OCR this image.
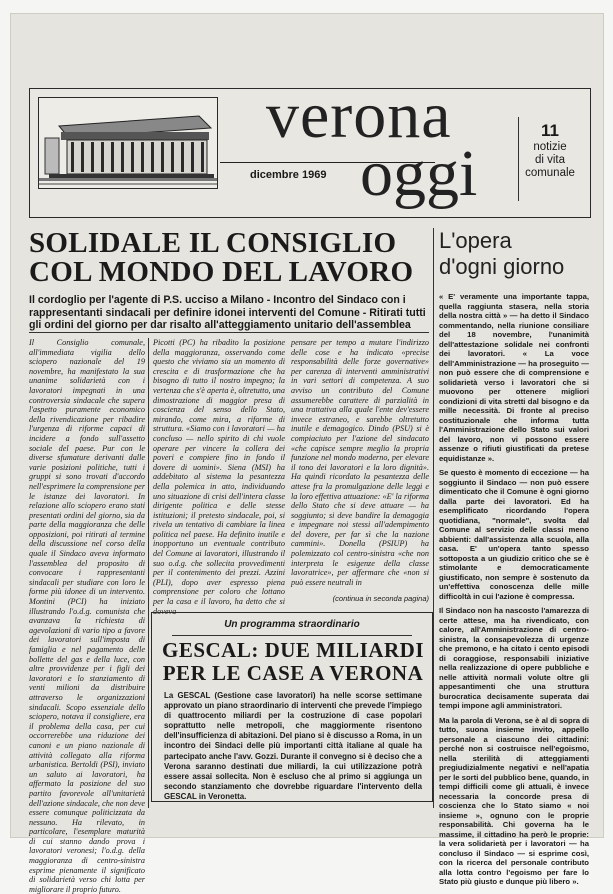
verona
dicembre 1969 oggi
11
notizie
di vita
comunale
SOLIDALE IL CONSIGLIO
COL MONDO DEL LAVORO
Il cordoglio per l'agente di P.S. ucciso a Milano - Incontro del Sindaco con i rappresentanti sindacali per definire idonei interventi del Comune - Ritirati tutti gli ordini del giorno per dar risalto all'atteggiamento unitario dell'assemblea
Il Consiglio comunale, all'immediata vigilia dello sciopero nazionale del 19 novembre, ha manifestato la sua unanime solidarietà con i lavoratori impegnati in una controversia sindacale che supera l'aspetto puramente economico della rivendicazione per ribadire l'urgenza di riforme capaci di incidere a fondo sull'assetto sociale del paese. Pur con le diverse sfumature derivanti dalle varie posizioni politiche, tutti i gruppi si sono trovati d'accordo nell'esprimere la comprensione per le istanze dei lavoratori. In relazione allo sciopero erano stati presentati ordini del giorno, sia da parte della maggioranza che delle opposizioni, poi ritirati al termine della discussione nel corso della quale il Sindaco aveva informato l'assemblea del proposito di convocare i rappresentanti sindacali per studiare con loro le forme più idonee di un intervento. Montini (PCI) ha iniziato illustrando l'o.d.g. comunista che avanzava la richiesta di agevolazioni di vario tipo a favore dei lavoratori sull'imposta di famiglia e nel pagamento delle bollette del gas e della luce, con altre provvidenze per i figli dei lavoratori e lo stanziamento di venti milioni da distribuire attraverso le organizzazioni sindacali. Scopo essenziale dello sciopero, notava il consigliere, era il problema della casa, per cui occorrerebbe una riduzione dei canoni e un piano nazionale di attività collegato alla riforma urbanistica. Bertoldi (PSI), inviato un saluto ai lavoratori, ha affermato la posizione del suo partito favorevole all'unitarietà dell'azione sindacale, che non deve essere comunque politicizzata da nessuno. Ha rilevato, in particolare, l'esemplare maturità di cui stanno dando prova i lavoratori veronesi; l'o.d.g. della maggioranza di centro-sinistra esprime pienamente il significato di solidarietà verso chi lotta per migliorare il proprio futuro.
Picotti (PC) ha ribadito la posizione della maggioranza, osservando come questo che viviamo sia un momento di crescita e di trasformazione che ha bisogno di tutto il nostro impegno; la vertenza che s'è aperta è, oltretutto, una dimostrazione di maggior presa di coscienza del senso dello Stato, mirando, come mira, a riforme di struttura. «Siamo con i lavoratori — ha concluso — nello spirito di chi vuole operare per vincere la collera dei poveri e compiere fino in fondo il dovere di uomini». Siena (MSI) ha addebitato al sistema la pesantezza della polemica in atto, individuando uno situazione di crisi dell'intera classe dirigente politica e delle stesse istituzioni; il pretesto sindacale, poi, si rivela un tentativo di cambiare la linea politica nel paese. Ha definito inutile e inopportuno un eventuale contributo del Comune ai lavoratori, illustrando il suo o.d.g. che sollecita provvedimenti per il contenimento dei prezzi. Azzini (PLI), dopo aver espresso piena comprensione per coloro che lottano per la casa e il lavoro, ha detto che si doveva
pensare per tempo a mutare l'indirizzo delle cose e ha indicato «precise responsabilità delle forze governative» per carenza di interventi amministrativi in vari settori di competenza. A suo avviso un contributo del Comune assumerebbe carattere di parzialità in una trattativa alla quale l'ente dev'essere invece estraneo, e sarebbe oltretutto inutile e demagogico. Dindo (PSU) si è compiaciuto per l'azione del sindacato «che capisce sempre meglio la propria funzione nel mondo moderno, per elevare il tono dei lavoratori e la loro dignità». Ha quindi ricordato la pesantezza delle attese fra la promulgazione delle leggi e la loro effettiva attuazione: «E' la riforma dello Stato che si deve attuare — ha soggiunto; si deve bandire la demagogia e impegnare noi stessi all'adempimento del dovere, per far sì che la nazione cammini». Donella (PSIUP) ha polemizzato col centro-sinistra «che non interpreta le esigenze della classe lavoratrice», per affermare che «non si può essere neutrali in
(continua in seconda pagina)
Un programma straordinario
GESCAL: DUE MILIARDI
PER LE CASE A VERONA
La GESCAL (Gestione case lavoratori) ha nelle scorse settimane approvato un piano straordinario di interventi che prevede l'impiego di quattrocento miliardi per la costruzione di case popolari soprattutto nelle metropoli, che maggiormente risentono dell'insufficienza di abitazioni. Del piano si è discusso a Roma, in un incontro dei Sindaci delle più importanti città italiane al quale ha partecipato anche l'avv. Gozzi. Durante il convegno si è deciso che a Verona saranno destinati due miliardi, la cui utilizzazione potrà essere assai sollecita. Non è escluso che al primo si aggiunga un secondo stanziamento che dovrebbe riguardare l'intervento della GESCAL in Veronetta.
L'opera
d'ogni giorno

« E' veramente una importante tappa, quella raggiunta stasera, nella storia della nostra città » — ha detto il Sindaco commentando, nella riunione consiliare del 18 novembre, l'unanimità dell'attestazione solidale nei confronti dei lavoratori. « La voce dell'Amministrazione — ha proseguito — non può essere che di comprensione e solidarietà verso i lavoratori che si muovono per ottenere migliori condizioni di vita stretti dal bisogno e da mille necessità. Di fronte al preciso costituzionale che informa tutta l'Amministrazione dello Stato sui valori del lavoro, non vi possono essere assenze o rifiuti giustificati da pretese equidistanze ».

Se questo è momento di eccezione — ha soggiunto il Sindaco — non può essere dimenticato che il Comune è ogni giorno dalla parte dei lavoratori. Ed ha esemplificato ricordando l'opera quotidiana, "normale", svolta dal Comune al servizio delle classi meno abbienti: dall'assistenza alla scuola, alla casa. E' un'opera tanto spesso sottoposta a un giudizio critico che se è stimolante e democraticamente giustificato, non sempre è sostenuto da un'effettiva conoscenza delle mille difficoltà in cui l'azione è compressa.

Il Sindaco non ha nascosto l'amarezza di certe attese, ma ha rivendicato, con calore, all'Amministrazione di centro-sinistra, la consapevolezza di urgenze che premono, e ha citato i cento episodi di coraggiose, responsabili iniziative nella realizzazione di opere pubbliche e nelle attività normali volute oltre gli appesantimenti che una struttura burocratica decisamente superata dai tempi impone agli amministratori.

Ma la parola di Verona, se è al di sopra di tutto, suona insieme invito, appello personale a ciascuno dei cittadini: perché non si costruisce nell'egoismo, nella sterilità di atteggiamenti pregiudizialmente negativi e nell'apatia per le sorti del pubblico bene, quando, in tempi difficili come gli attuali, è invece necessaria la concorde presa di coscienza che lo Stato siamo « noi insieme », ognuno con le proprie responsabilità. Chi governa ha le massime, il cittadino ha però le proprie: la vera solidarietà per i lavoratori — ha concluso il Sindaco — si esprime così, con la ricerca del personale contributo alla lotta contro l'egoismo per fare lo Stato più giusto e dunque più libero ».
